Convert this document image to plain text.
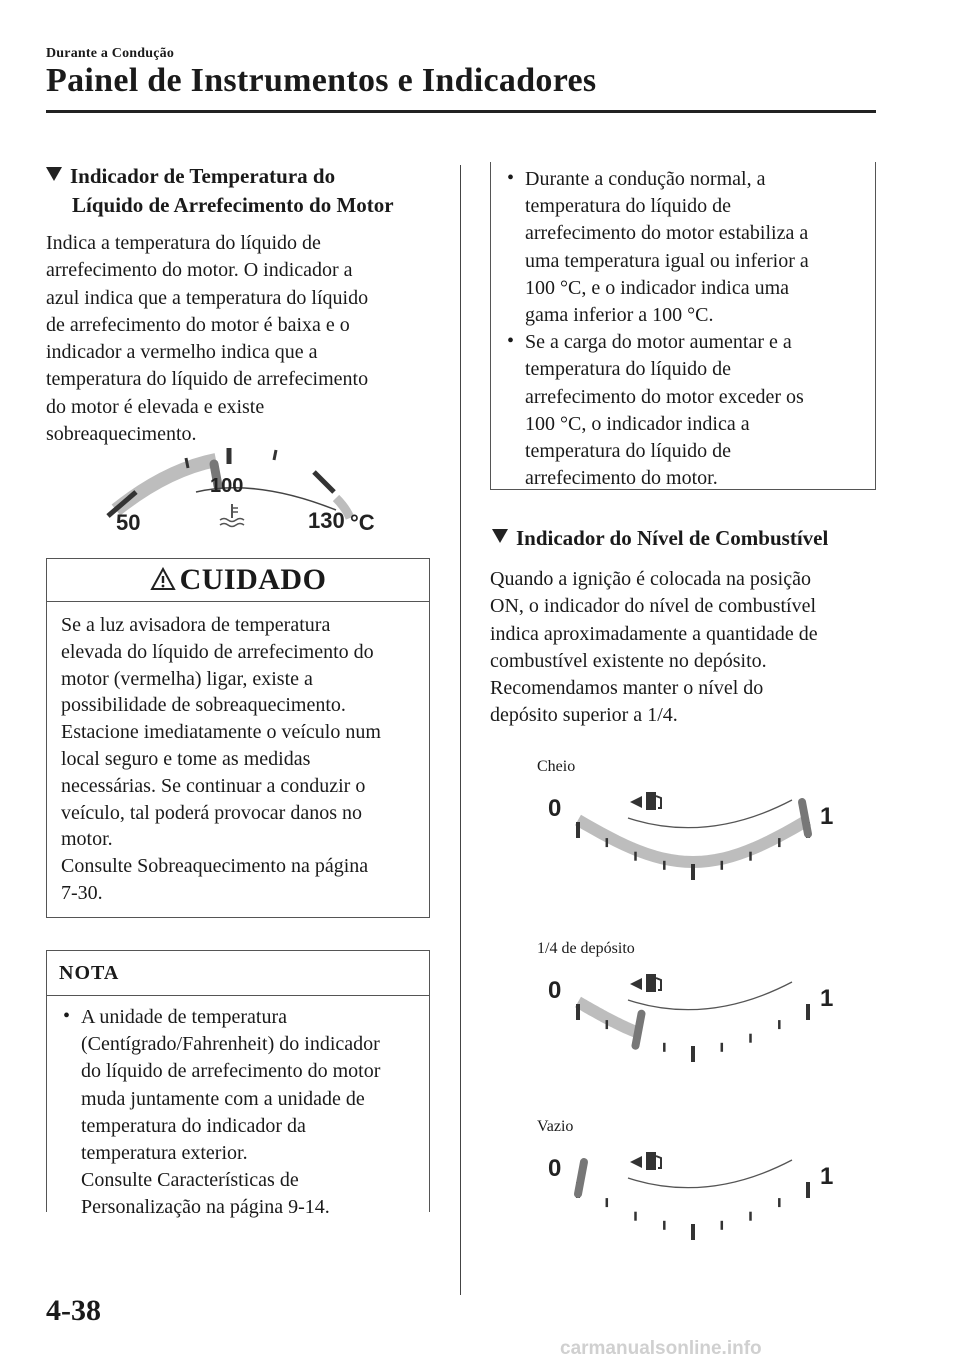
Durante a Condução
Painel de Instrumentos e Indicadores
Indicador de Temperatura do
Líquido de Arrefecimento do Motor
Indica a temperatura do líquido de
arrefecimento do motor. O indicador a
azul indica que a temperatura do líquido
de arrefecimento do motor é baixa e o
indicador a vermelho indica que a
temperatura do líquido de arrefecimento
do motor é elevada e existe
sobreaquecimento.
50
100
130 °C
CUIDADO
Se a luz avisadora de temperatura
elevada do líquido de arrefecimento do
motor (vermelha) ligar, existe a
possibilidade de sobreaquecimento.
Estacione imediatamente o veículo num
local seguro e tome as medidas
necessárias. Se continuar a conduzir o
veículo, tal poderá provocar danos no
motor.
Consulte Sobreaquecimento na página
7-30.
NOTA
• A unidade de temperatura
(Centígrado/Fahrenheit) do indicador
do líquido de arrefecimento do motor
muda juntamente com a unidade de
temperatura do indicador da
temperatura exterior.
Consulte Características de
Personalização na página 9-14.
• Durante a condução normal, a
temperatura do líquido de
arrefecimento do motor estabiliza a
uma temperatura igual ou inferior a
100 °C, e o indicador indica uma
gama inferior a 100 °C.
• Se a carga do motor aumentar e a
temperatura do líquido de
arrefecimento do motor exceder os
100 °C, o indicador indica a
temperatura do líquido de
arrefecimento do motor.
Indicador do Nível de Combustível
Quando a ignição é colocada na posição
ON, o indicador do nível de combustível
indica aproximadamente a quantidade de
combustível existente no depósito.
Recomendamos manter o nível do
depósito superior a 1/4.
Cheio
0	1
1/4 de depósito
0	1
Vazio
0	1
4-38
carmanualsonline.info
